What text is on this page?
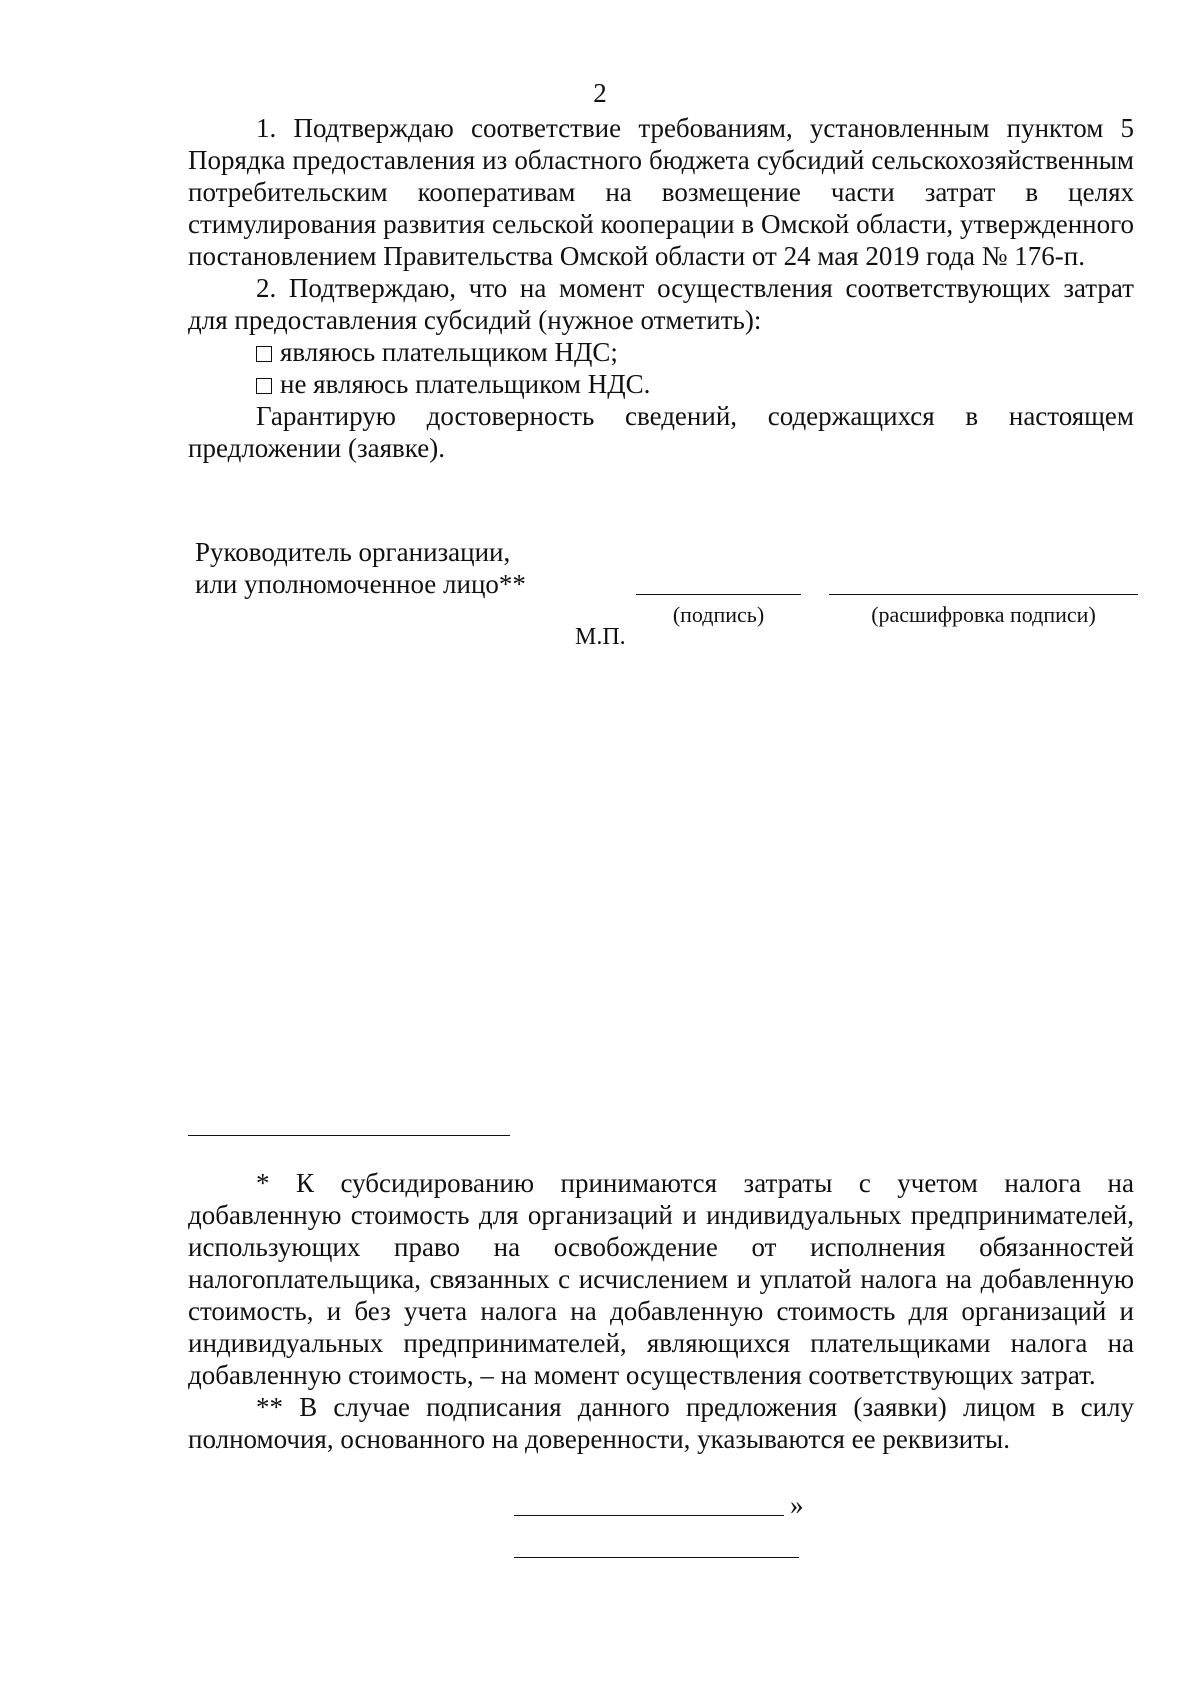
2

1. Подтверждаю соответствие требованиям, установленным пунктом 5 Порядка предоставления из областного бюджета субсидий сельскохозяйственным потребительским кооперативам на возмещение части затрат в целях стимулирования развития сельской кооперации в Омской области, утвержденного постановлением Правительства Омской области от 24 мая 2019 года № 176-п.

2. Подтверждаю, что на момент осуществления соответствующих затрат для предоставления субсидий (нужное отметить):

являюсь плательщиком НДС;

не являюсь плательщиком НДС.

Гарантирую достоверность сведений, содержащихся в настоящем предложении (заявке).

Руководитель организации,
или уполномоченное лицо**
(подпись)	(расшифровка подписи)
М.П.

* К субсидированию принимаются затраты с учетом налога на добавленную стоимость для организаций и индивидуальных предпринимателей, использующих право на освобождение от исполнения обязанностей налогоплательщика, связанных с исчислением и уплатой налога на добавленную стоимость, и без учета налога на добавленную стоимость для организаций и индивидуальных предпринимателей, являющихся плательщиками налога на добавленную стоимость, – на момент осуществления соответствующих затрат.

** В случае подписания данного предложения (заявки) лицом в силу полномочия, основанного на доверенности, указываются ее реквизиты.

»
